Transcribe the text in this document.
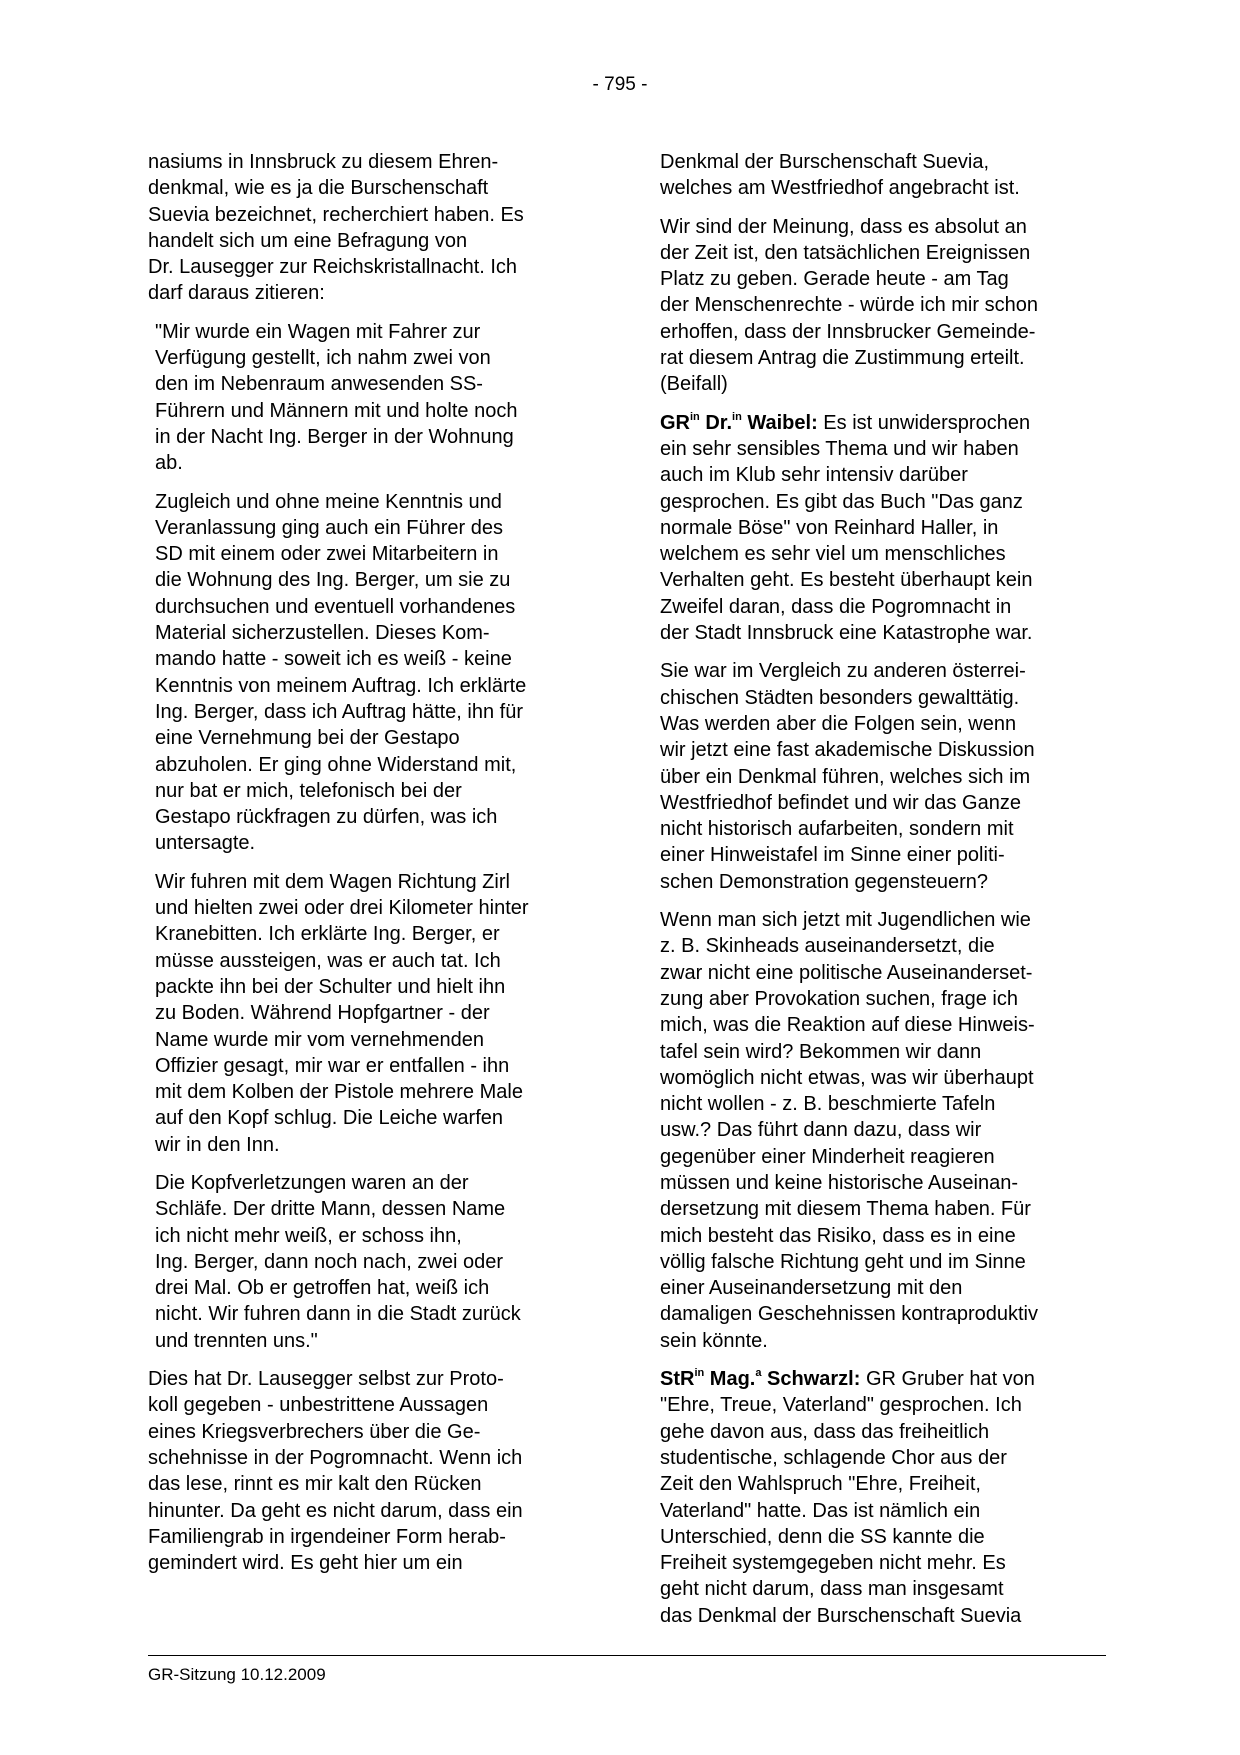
- 795 -

nasiums in Innsbruck zu diesem Ehren-
denkmal, wie es ja die Burschenschaft
Suevia bezeichnet, recherchiert haben. Es
handelt sich um eine Befragung von
Dr. Lausegger zur Reichskristallnacht. Ich
darf daraus zitieren:

"Mir wurde ein Wagen mit Fahrer zur
Verfügung gestellt, ich nahm zwei von
den im Nebenraum anwesenden SS-
Führern und Männern mit und holte noch
in der Nacht Ing. Berger in der Wohnung
ab.

Zugleich und ohne meine Kenntnis und
Veranlassung ging auch ein Führer des
SD mit einem oder zwei Mitarbeitern in
die Wohnung des Ing. Berger, um sie zu
durchsuchen und eventuell vorhandenes
Material sicherzustellen. Dieses Kom-
mando hatte - soweit ich es weiß - keine
Kenntnis von meinem Auftrag. Ich erklärte
Ing. Berger, dass ich Auftrag hätte, ihn für
eine Vernehmung bei der Gestapo
abzuholen. Er ging ohne Widerstand mit,
nur bat er mich, telefonisch bei der
Gestapo rückfragen zu dürfen, was ich
untersagte.

Wir fuhren mit dem Wagen Richtung Zirl
und hielten zwei oder drei Kilometer hinter
Kranebitten. Ich erklärte Ing. Berger, er
müsse aussteigen, was er auch tat. Ich
packte ihn bei der Schulter und hielt ihn
zu Boden. Während Hopfgartner - der
Name wurde mir vom vernehmenden
Offizier gesagt, mir war er entfallen - ihn
mit dem Kolben der Pistole mehrere Male
auf den Kopf schlug. Die Leiche warfen
wir in den Inn.

Die Kopfverletzungen waren an der
Schläfe. Der dritte Mann, dessen Name
ich nicht mehr weiß, er schoss ihn,
Ing. Berger, dann noch nach, zwei oder
drei Mal. Ob er getroffen hat, weiß ich
nicht. Wir fuhren dann in die Stadt zurück
und trennten uns."

Dies hat Dr. Lausegger selbst zur Proto-
koll gegeben - unbestrittene Aussagen
eines Kriegsverbrechers über die Ge-
schehnisse in der Pogromnacht. Wenn ich
das lese, rinnt es mir kalt den Rücken
hinunter. Da geht es nicht darum, dass ein
Familiengrab in irgendeiner Form herab-
gemindert wird. Es geht hier um ein

Denkmal der Burschenschaft Suevia,
welches am Westfriedhof angebracht ist.

Wir sind der Meinung, dass es absolut an
der Zeit ist, den tatsächlichen Ereignissen
Platz zu geben. Gerade heute - am Tag
der Menschenrechte - würde ich mir schon
erhoffen, dass der Innsbrucker Gemeinde-
rat diesem Antrag die Zustimmung erteilt.
(Beifall)

$GR^{in}$ Dr.$^{in}$ Waibel: Es ist unwidersprochen
ein sehr sensibles Thema und wir haben
auch im Klub sehr intensiv darüber
gesprochen. Es gibt das Buch "Das ganz
normale Böse" von Reinhard Haller, in
welchem es sehr viel um menschliches
Verhalten geht. Es besteht überhaupt kein
Zweifel daran, dass die Pogromnacht in
der Stadt Innsbruck eine Katastrophe war.

Sie war im Vergleich zu anderen österrei-
chischen Städten besonders gewalttätig.
Was werden aber die Folgen sein, wenn
wir jetzt eine fast akademische Diskussion
über ein Denkmal führen, welches sich im
Westfriedhof befindet und wir das Ganze
nicht historisch aufarbeiten, sondern mit
einer Hinweistafel im Sinne einer politi-
schen Demonstration gegensteuern?

Wenn man sich jetzt mit Jugendlichen wie
z. B. Skinheads auseinandersetzt, die
zwar nicht eine politische Auseinanderset-
zung aber Provokation suchen, frage ich
mich, was die Reaktion auf diese Hinweis-
tafel sein wird? Bekommen wir dann
womöglich nicht etwas, was wir überhaupt
nicht wollen - z. B. beschmierte Tafeln
usw.? Das führt dann dazu, dass wir
gegenüber einer Minderheit reagieren
müssen und keine historische Auseinan-
dersetzung mit diesem Thema haben. Für
mich besteht das Risiko, dass es in eine
völlig falsche Richtung geht und im Sinne
einer Auseinandersetzung mit den
damaligen Geschehnissen kontraproduktiv
sein könnte.

StR$^{in}$ Mag.$^a$ Schwarzl: GR Gruber hat von
"Ehre, Treue, Vaterland" gesprochen. Ich
gehe davon aus, dass das freiheitlich
studentische, schlagende Chor aus der
Zeit den Wahlspruch "Ehre, Freiheit,
Vaterland" hatte. Das ist nämlich ein
Unterschied, denn die SS kannte die
Freiheit systemgegeben nicht mehr. Es
geht nicht darum, dass man insgesamt
das Denkmal der Burschenschaft Suevia

GR-Sitzung 10.12.2009
